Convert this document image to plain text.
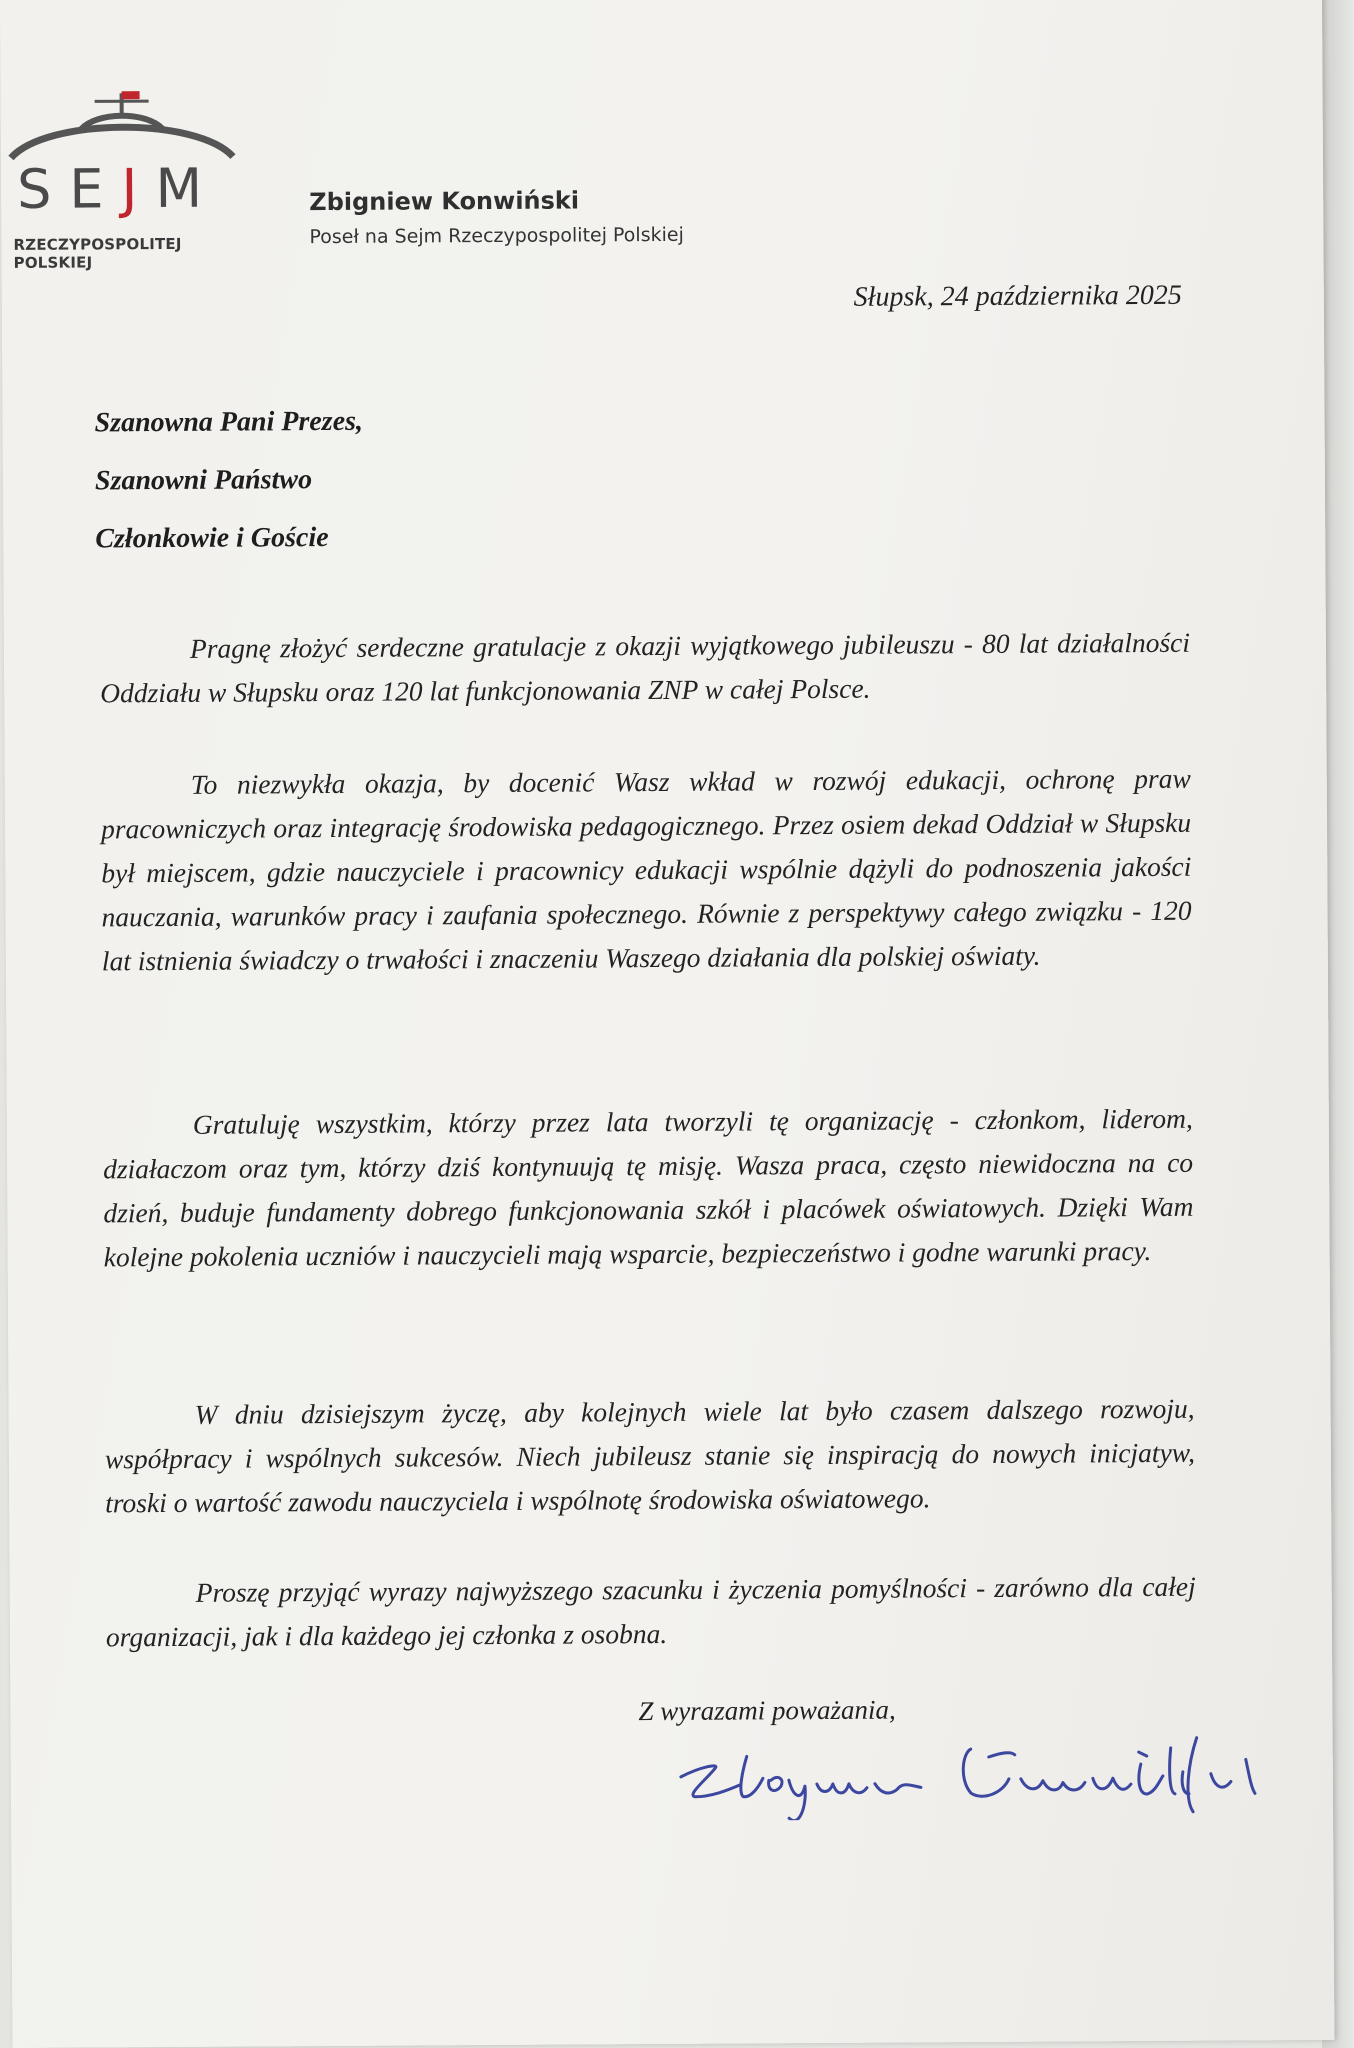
SEJM
RZECZYPOSPOLITEJ POLSKIEJ
Zbigniew Konwiński
Poseł na Sejm Rzeczypospolitej Polskiej
Słupsk, 24 października 2025
Szanowna Pani Prezes,
Szanowni Państwo
Członkowie i Goście

Pragnę złożyć serdeczne gratulacje z okazji wyjątkowego jubileuszu - 80 lat działalności Oddziału w Słupsku oraz 120 lat funkcjonowania ZNP w całej Polsce.

To niezwykła okazja, by docenić Wasz wkład w rozwój edukacji, ochronę praw pracowniczych oraz integrację środowiska pedagogicznego. Przez osiem dekad Oddział w Słupsku był miejscem, gdzie nauczyciele i pracownicy edukacji wspólnie dążyli do podnoszenia jakości nauczania, warunków pracy i zaufania społecznego. Równie z perspektywy całego związku - 120 lat istnienia świadczy o trwałości i znaczeniu Waszego działania dla polskiej oświaty.

Gratuluję wszystkim, którzy przez lata tworzyli tę organizację - członkom, liderom, działaczom oraz tym, którzy dziś kontynuują tę misję. Wasza praca, często niewidoczna na co dzień, buduje fundamenty dobrego funkcjonowania szkół i placówek oświatowych. Dzięki Wam kolejne pokolenia uczniów i nauczycieli mają wsparcie, bezpieczeństwo i godne warunki pracy.

W dniu dzisiejszym życzę, aby kolejnych wiele lat było czasem dalszego rozwoju, współpracy i wspólnych sukcesów. Niech jubileusz stanie się inspiracją do nowych inicjatyw, troski o wartość zawodu nauczyciela i wspólnotę środowiska oświatowego.

Proszę przyjąć wyrazy najwyższego szacunku i życzenia pomyślności - zarówno dla całej organizacji, jak i dla każdego jej członka z osobna.

Z wyrazami poważania,
